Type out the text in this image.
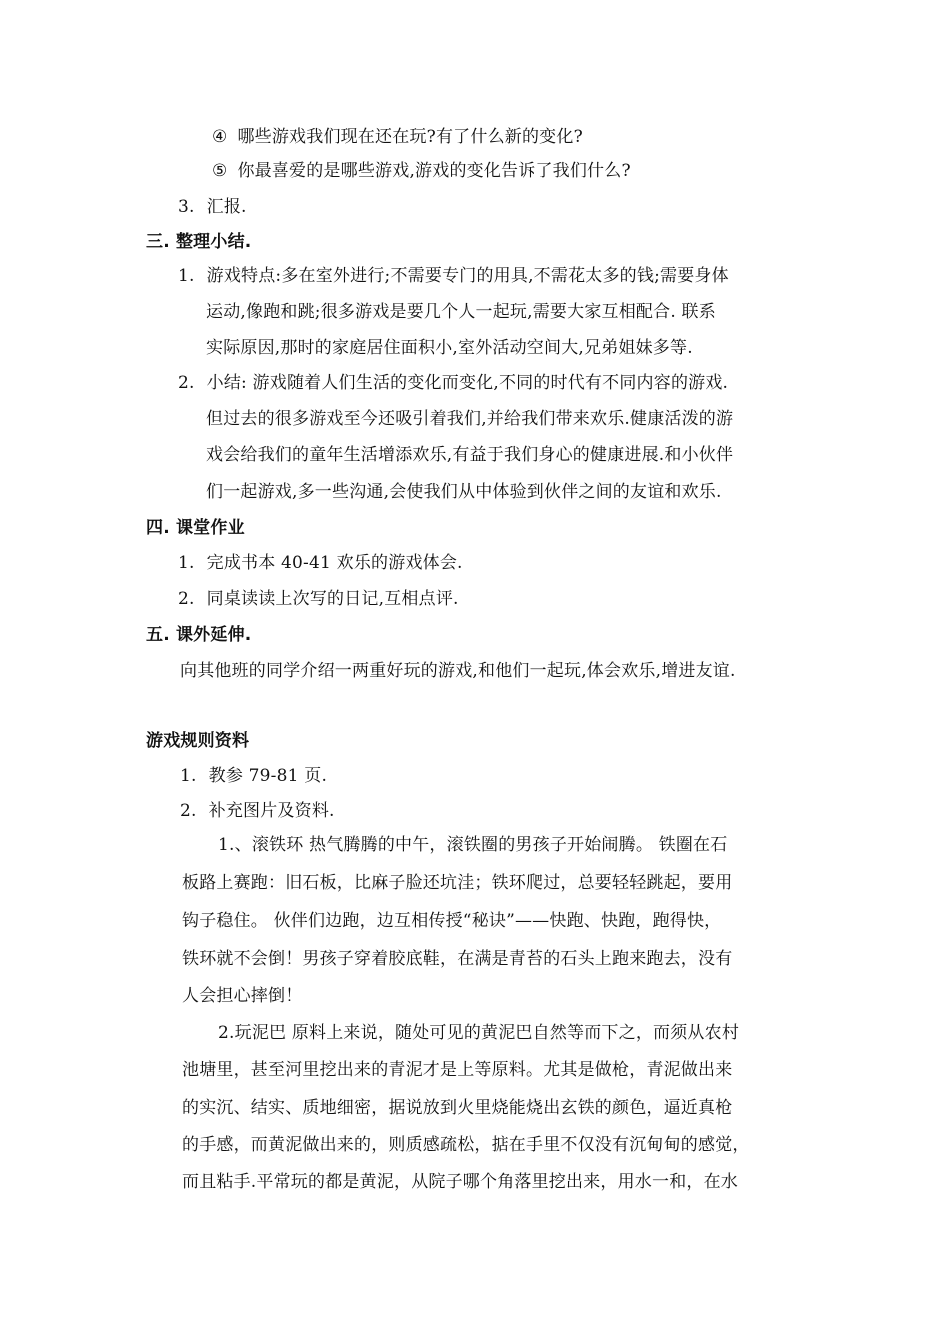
④ 哪些游戏我们现在还在玩?有了什么新的变化?
⑤ 你最喜爱的是哪些游戏,游戏的变化告诉了我们什么?
3. 汇报.
三. 整理小结.
1. 游戏特点:多在室外进行;不需要专门的用具,不需花太多的钱;需要身体
运动,像跑和跳;很多游戏是要几个人一起玩,需要大家互相配合. 联系
实际原因,那时的家庭居住面积小,室外活动空间大,兄弟姐妹多等.
2. 小结: 游戏随着人们生活的变化而变化,不同的时代有不同内容的游戏.
但过去的很多游戏至今还吸引着我们,并给我们带来欢乐.健康活泼的游
戏会给我们的童年生活增添欢乐,有益于我们身心的健康进展.和小伙伴
们一起游戏,多一些沟通,会使我们从中体验到伙伴之间的友谊和欢乐.
四. 课堂作业
1. 完成书本 40-41 欢乐的游戏体会.
2. 同桌读读上次写的日记,互相点评.
五. 课外延伸.
向其他班的同学介绍一两重好玩的游戏,和他们一起玩,体会欢乐,增进友谊.
游戏规则资料
1. 教参 79-81 页.
2. 补充图片及资料.
1.、滚铁环 热气腾腾的中午，滚铁圈的男孩子开始闹腾。 铁圈在石
板路上赛跑：旧石板，比麻子脸还坑洼；铁环爬过，总要轻轻跳起，要用
钩子稳住。 伙伴们边跑，边互相传授“秘诀”——快跑、快跑，跑得快，
铁环就不会倒！男孩子穿着胶底鞋，在满是青苔的石头上跑来跑去，没有
人会担心摔倒！
2.玩泥巴 原料上来说，随处可见的黄泥巴自然等而下之，而须从农村
池塘里，甚至河里挖出来的青泥才是上等原料。尤其是做枪，青泥做出来
的实沉、结实、质地细密，据说放到火里烧能烧出玄铁的颜色，逼近真枪
的手感，而黄泥做出来的，则质感疏松，掂在手里不仅没有沉甸甸的感觉，
而且粘手.平常玩的都是黄泥，从院子哪个角落里挖出来，用水一和，在水
